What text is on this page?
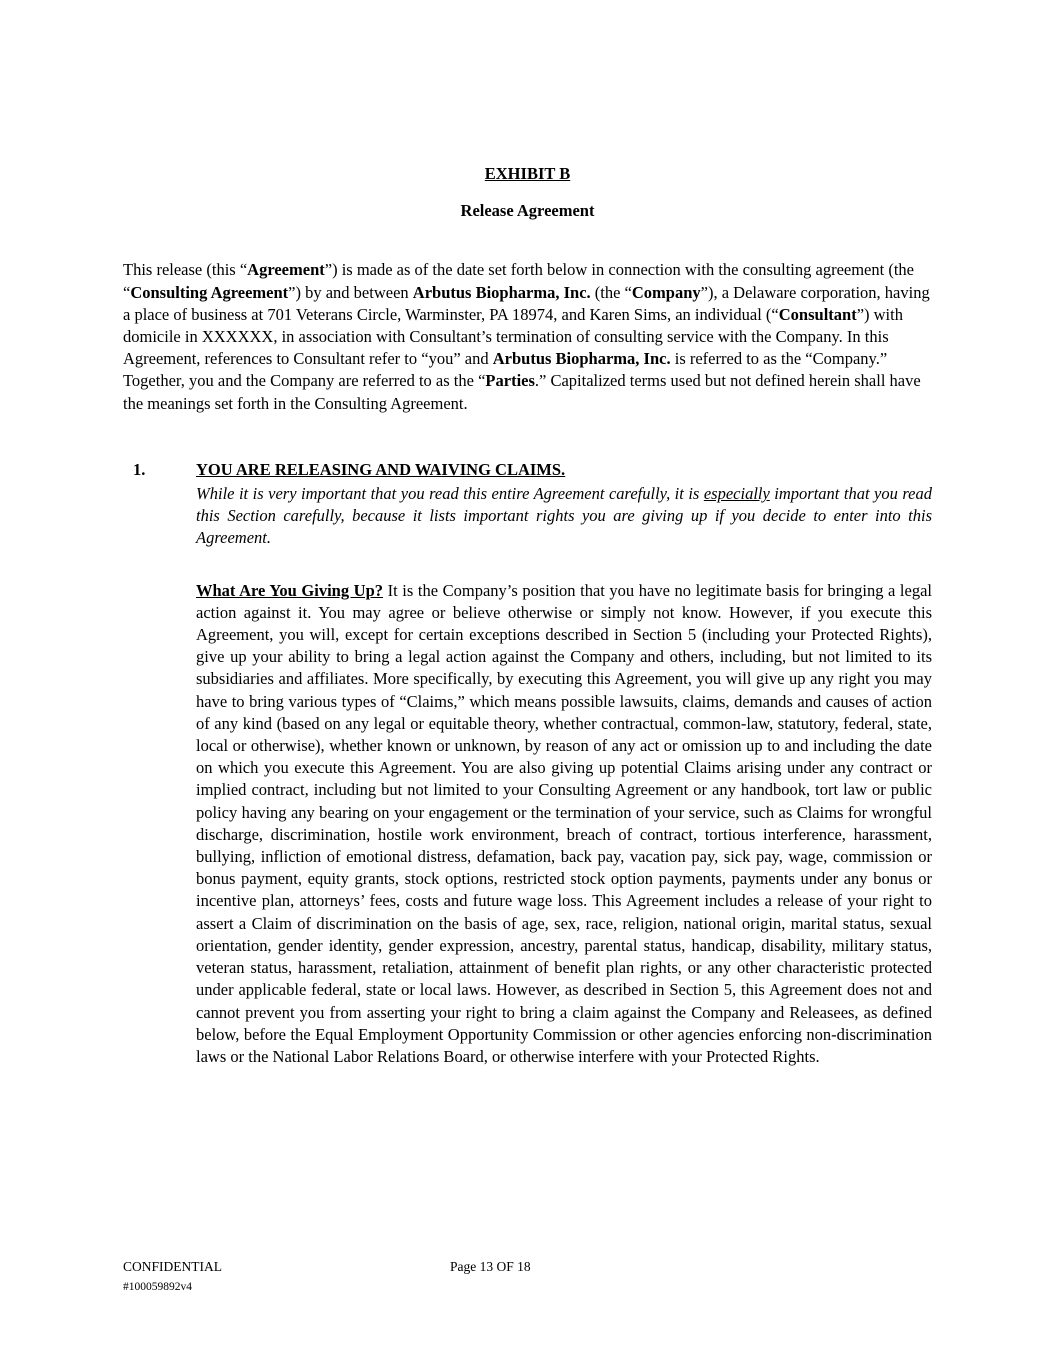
EXHIBIT B
Release Agreement

This release (this “Agreement”) is made as of the date set forth below in connection with the consulting agreement (the “Consulting Agreement”) by and between Arbutus Biopharma, Inc. (the “Company”), a Delaware corporation, having a place of business at 701 Veterans Circle, Warminster, PA 18974, and Karen Sims, an individual (“Consultant”) with domicile in XXXXXX, in association with Consultant’s termination of consulting service with the Company. In this Agreement, references to Consultant refer to “you” and Arbutus Biopharma, Inc. is referred to as the “Company.” Together, you and the Company are referred to as the “Parties.” Capitalized terms used but not defined herein shall have the meanings set forth in the Consulting Agreement.

1.	YOU ARE RELEASING AND WAIVING CLAIMS.

While it is very important that you read this entire Agreement carefully, it is especially important that you read this Section carefully, because it lists important rights you are giving up if you decide to enter into this Agreement.

What Are You Giving Up? It is the Company’s position that you have no legitimate basis for bringing a legal action against it. You may agree or believe otherwise or simply not know. However, if you execute this Agreement, you will, except for certain exceptions described in Section 5 (including your Protected Rights), give up your ability to bring a legal action against the Company and others, including, but not limited to its subsidiaries and affiliates. More specifically, by executing this Agreement, you will give up any right you may have to bring various types of “Claims,” which means possible lawsuits, claims, demands and causes of action of any kind (based on any legal or equitable theory, whether contractual, common-law, statutory, federal, state, local or otherwise), whether known or unknown, by reason of any act or omission up to and including the date on which you execute this Agreement. You are also giving up potential Claims arising under any contract or implied contract, including but not limited to your Consulting Agreement or any handbook, tort law or public policy having any bearing on your engagement or the termination of your service, such as Claims for wrongful discharge, discrimination, hostile work environment, breach of contract, tortious interference, harassment, bullying, infliction of emotional distress, defamation, back pay, vacation pay, sick pay, wage, commission or bonus payment, equity grants, stock options, restricted stock option payments, payments under any bonus or incentive plan, attorneys’ fees, costs and future wage loss. This Agreement includes a release of your right to assert a Claim of discrimination on the basis of age, sex, race, religion, national origin, marital status, sexual orientation, gender identity, gender expression, ancestry, parental status, handicap, disability, military status, veteran status, harassment, retaliation, attainment of benefit plan rights, or any other characteristic protected under applicable federal, state or local laws. However, as described in Section 5, this Agreement does not and cannot prevent you from asserting your right to bring a claim against the Company and Releasees, as defined below, before the Equal Employment Opportunity Commission or other agencies enforcing non-discrimination laws or the National Labor Relations Board, or otherwise interfere with your Protected Rights.

CONFIDENTIAL	Page 13 OF 18
#100059892v4
